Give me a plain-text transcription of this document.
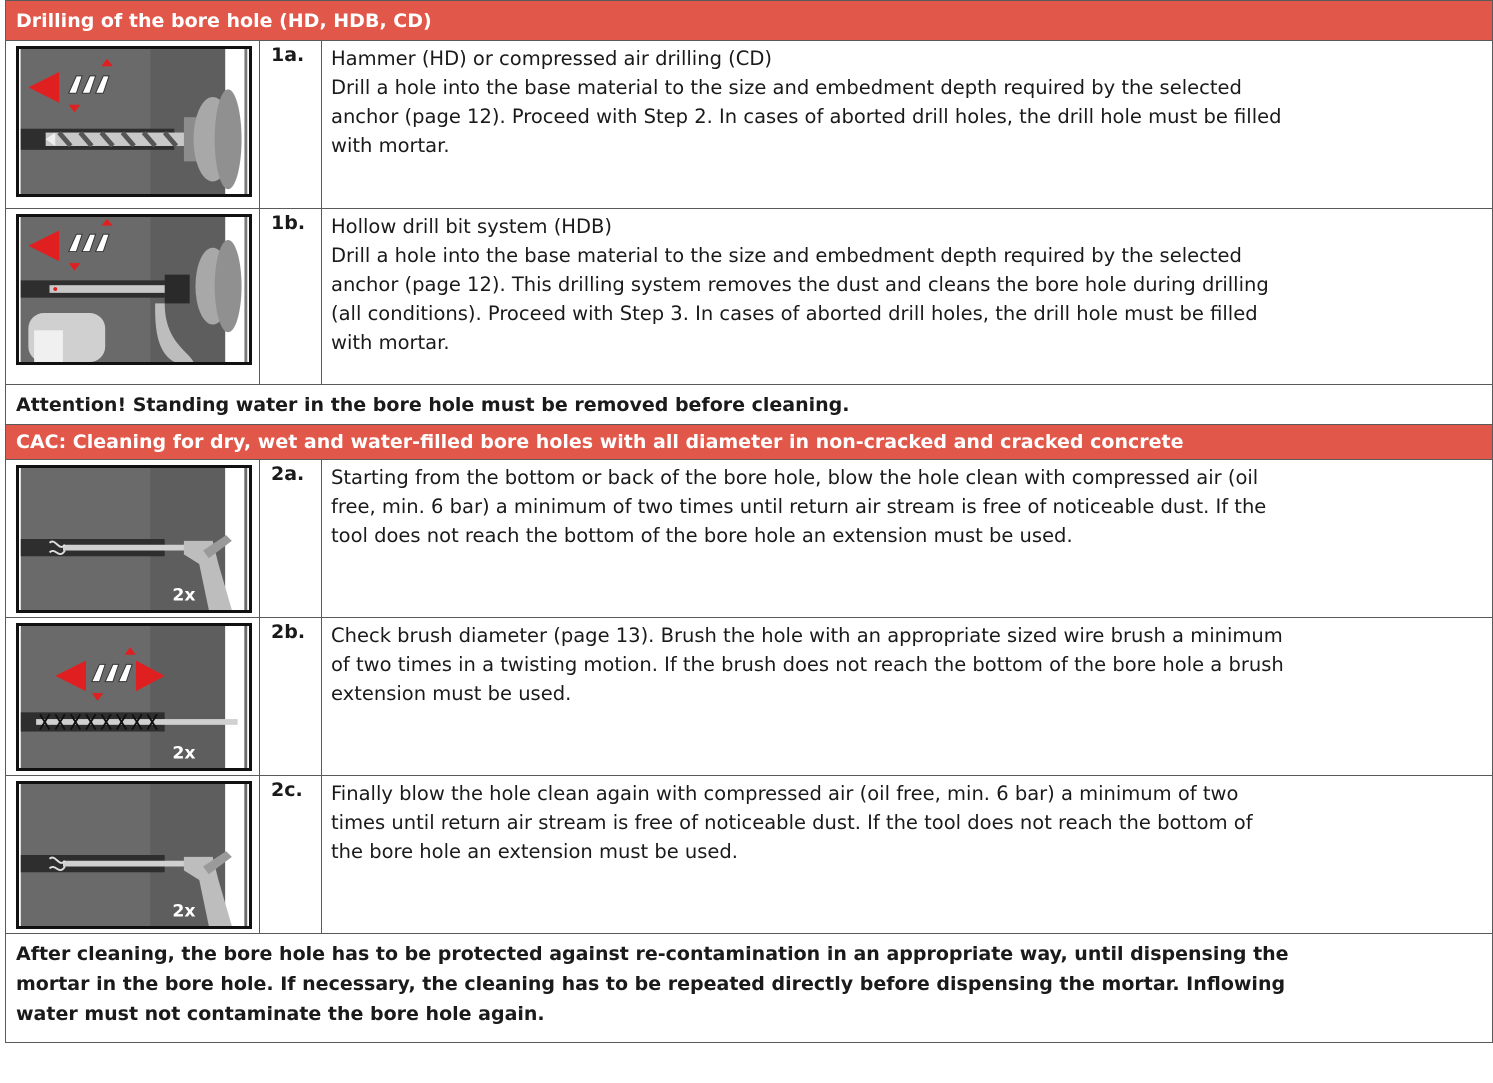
Drilling of the bore hole (HD, HDB, CD)
1a.	Hammer (HD) or compressed air drilling (CD)
Drill a hole into the base material to the size and embedment depth required by the selected
anchor (page 12). Proceed with Step 2. In cases of aborted drill holes, the drill hole must be filled
with mortar.
1b.	Hollow drill bit system (HDB)
Drill a hole into the base material to the size and embedment depth required by the selected
anchor (page 12). This drilling system removes the dust and cleans the bore hole during drilling
(all conditions). Proceed with Step 3. In cases of aborted drill holes, the drill hole must be filled
with mortar.
Attention! Standing water in the bore hole must be removed before cleaning.
CAC: Cleaning for dry, wet and water-filled bore holes with all diameter in non-cracked and cracked concrete
2x
2a.	Starting from the bottom or back of the bore hole, blow the hole clean with compressed air (oil
free, min. 6 bar) a minimum of two times until return air stream is free of noticeable dust. If the
tool does not reach the bottom of the bore hole an extension must be used.
2x
2b.	Check brush diameter (page 13). Brush the hole with an appropriate sized wire brush a minimum
of two times in a twisting motion. If the brush does not reach the bottom of the bore hole a brush
extension must be used.
2x
2c.	Finally blow the hole clean again with compressed air (oil free, min. 6 bar) a minimum of two
times until return air stream is free of noticeable dust. If the tool does not reach the bottom of
the bore hole an extension must be used.
After cleaning, the bore hole has to be protected against re-contamination in an appropriate way, until dispensing the
mortar in the bore hole. If necessary, the cleaning has to be repeated directly before dispensing the mortar. Inflowing
water must not contaminate the bore hole again.
